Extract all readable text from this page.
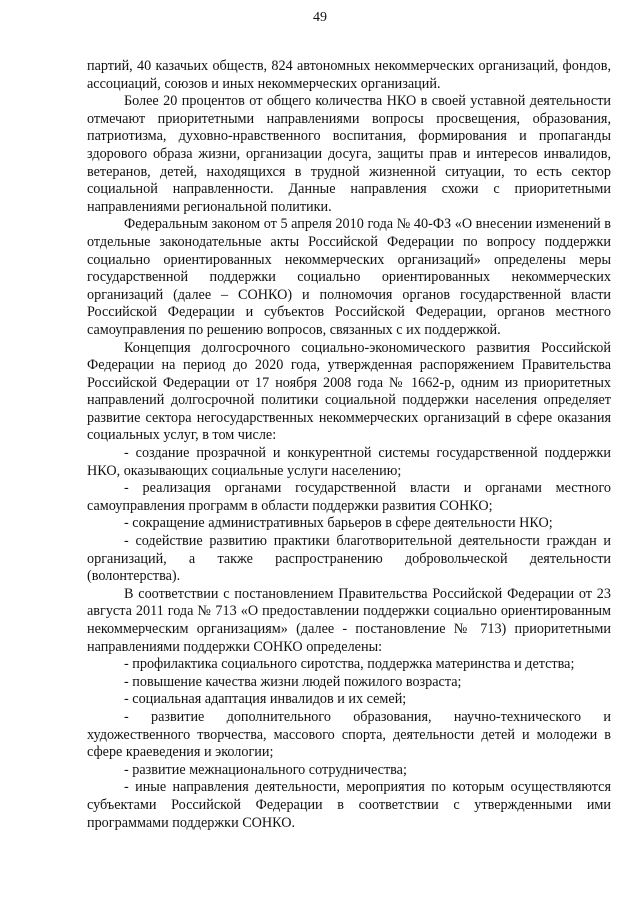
49

партий, 40 казачьих обществ, 824 автономных некоммерческих организаций, фондов, ассоциаций, союзов и иных некоммерческих организаций.

Более 20 процентов от общего количества НКО в своей уставной деятельности отмечают приоритетными направлениями вопросы просвещения, образования, патриотизма, духовно-нравственного воспитания, формирования и пропаганды здорового образа жизни, организации досуга, защиты прав и интересов инвалидов, ветеранов, детей, находящихся в трудной жизненной ситуации, то есть сектор социальной направленности. Данные направления схожи с приоритетными направлениями региональной политики.

Федеральным законом от 5 апреля 2010 года № 40-ФЗ «О внесении изменений в отдельные законодательные акты Российской Федерации по вопросу поддержки социально ориентированных некоммерческих организаций» определены меры государственной поддержки социально ориентированных некоммерческих организаций (далее – СОНКО) и полномочия органов государственной власти Российской Федерации и субъектов Российской Федерации, органов местного самоуправления по решению вопросов, связанных с их поддержкой.

Концепция долгосрочного социально-экономического развития Российской Федерации на период до 2020 года, утвержденная распоряжением Правительства Российской Федерации от 17 ноября 2008 года № 1662-р, одним из приоритетных направлений долгосрочной политики социальной поддержки населения определяет развитие сектора негосударственных некоммерческих организаций в сфере оказания социальных услуг, в том числе:

- создание прозрачной и конкурентной системы государственной поддержки НКО, оказывающих социальные услуги населению;

- реализация органами государственной власти и органами местного самоуправления программ в области поддержки развития СОНКО;

- сокращение административных барьеров в сфере деятельности НКО;

- содействие развитию практики благотворительной деятельности граждан и организаций, а также распространению добровольческой деятельности (волонтерства).

В соответствии с постановлением Правительства Российской Федерации от 23 августа 2011 года № 713 «О предоставлении поддержки социально ориентированным некоммерческим организациям» (далее - постановление № 713) приоритетными направлениями поддержки СОНКО определены:

- профилактика социального сиротства, поддержка материнства и детства;

- повышение качества жизни людей пожилого возраста;

- социальная адаптация инвалидов и их семей;

- развитие дополнительного образования, научно-технического и художественного творчества, массового спорта, деятельности детей и молодежи в сфере краеведения и экологии;

- развитие межнационального сотрудничества;

- иные направления деятельности, мероприятия по которым осуществляются субъектами Российской Федерации в соответствии с утвержденными ими программами поддержки СОНКО.
